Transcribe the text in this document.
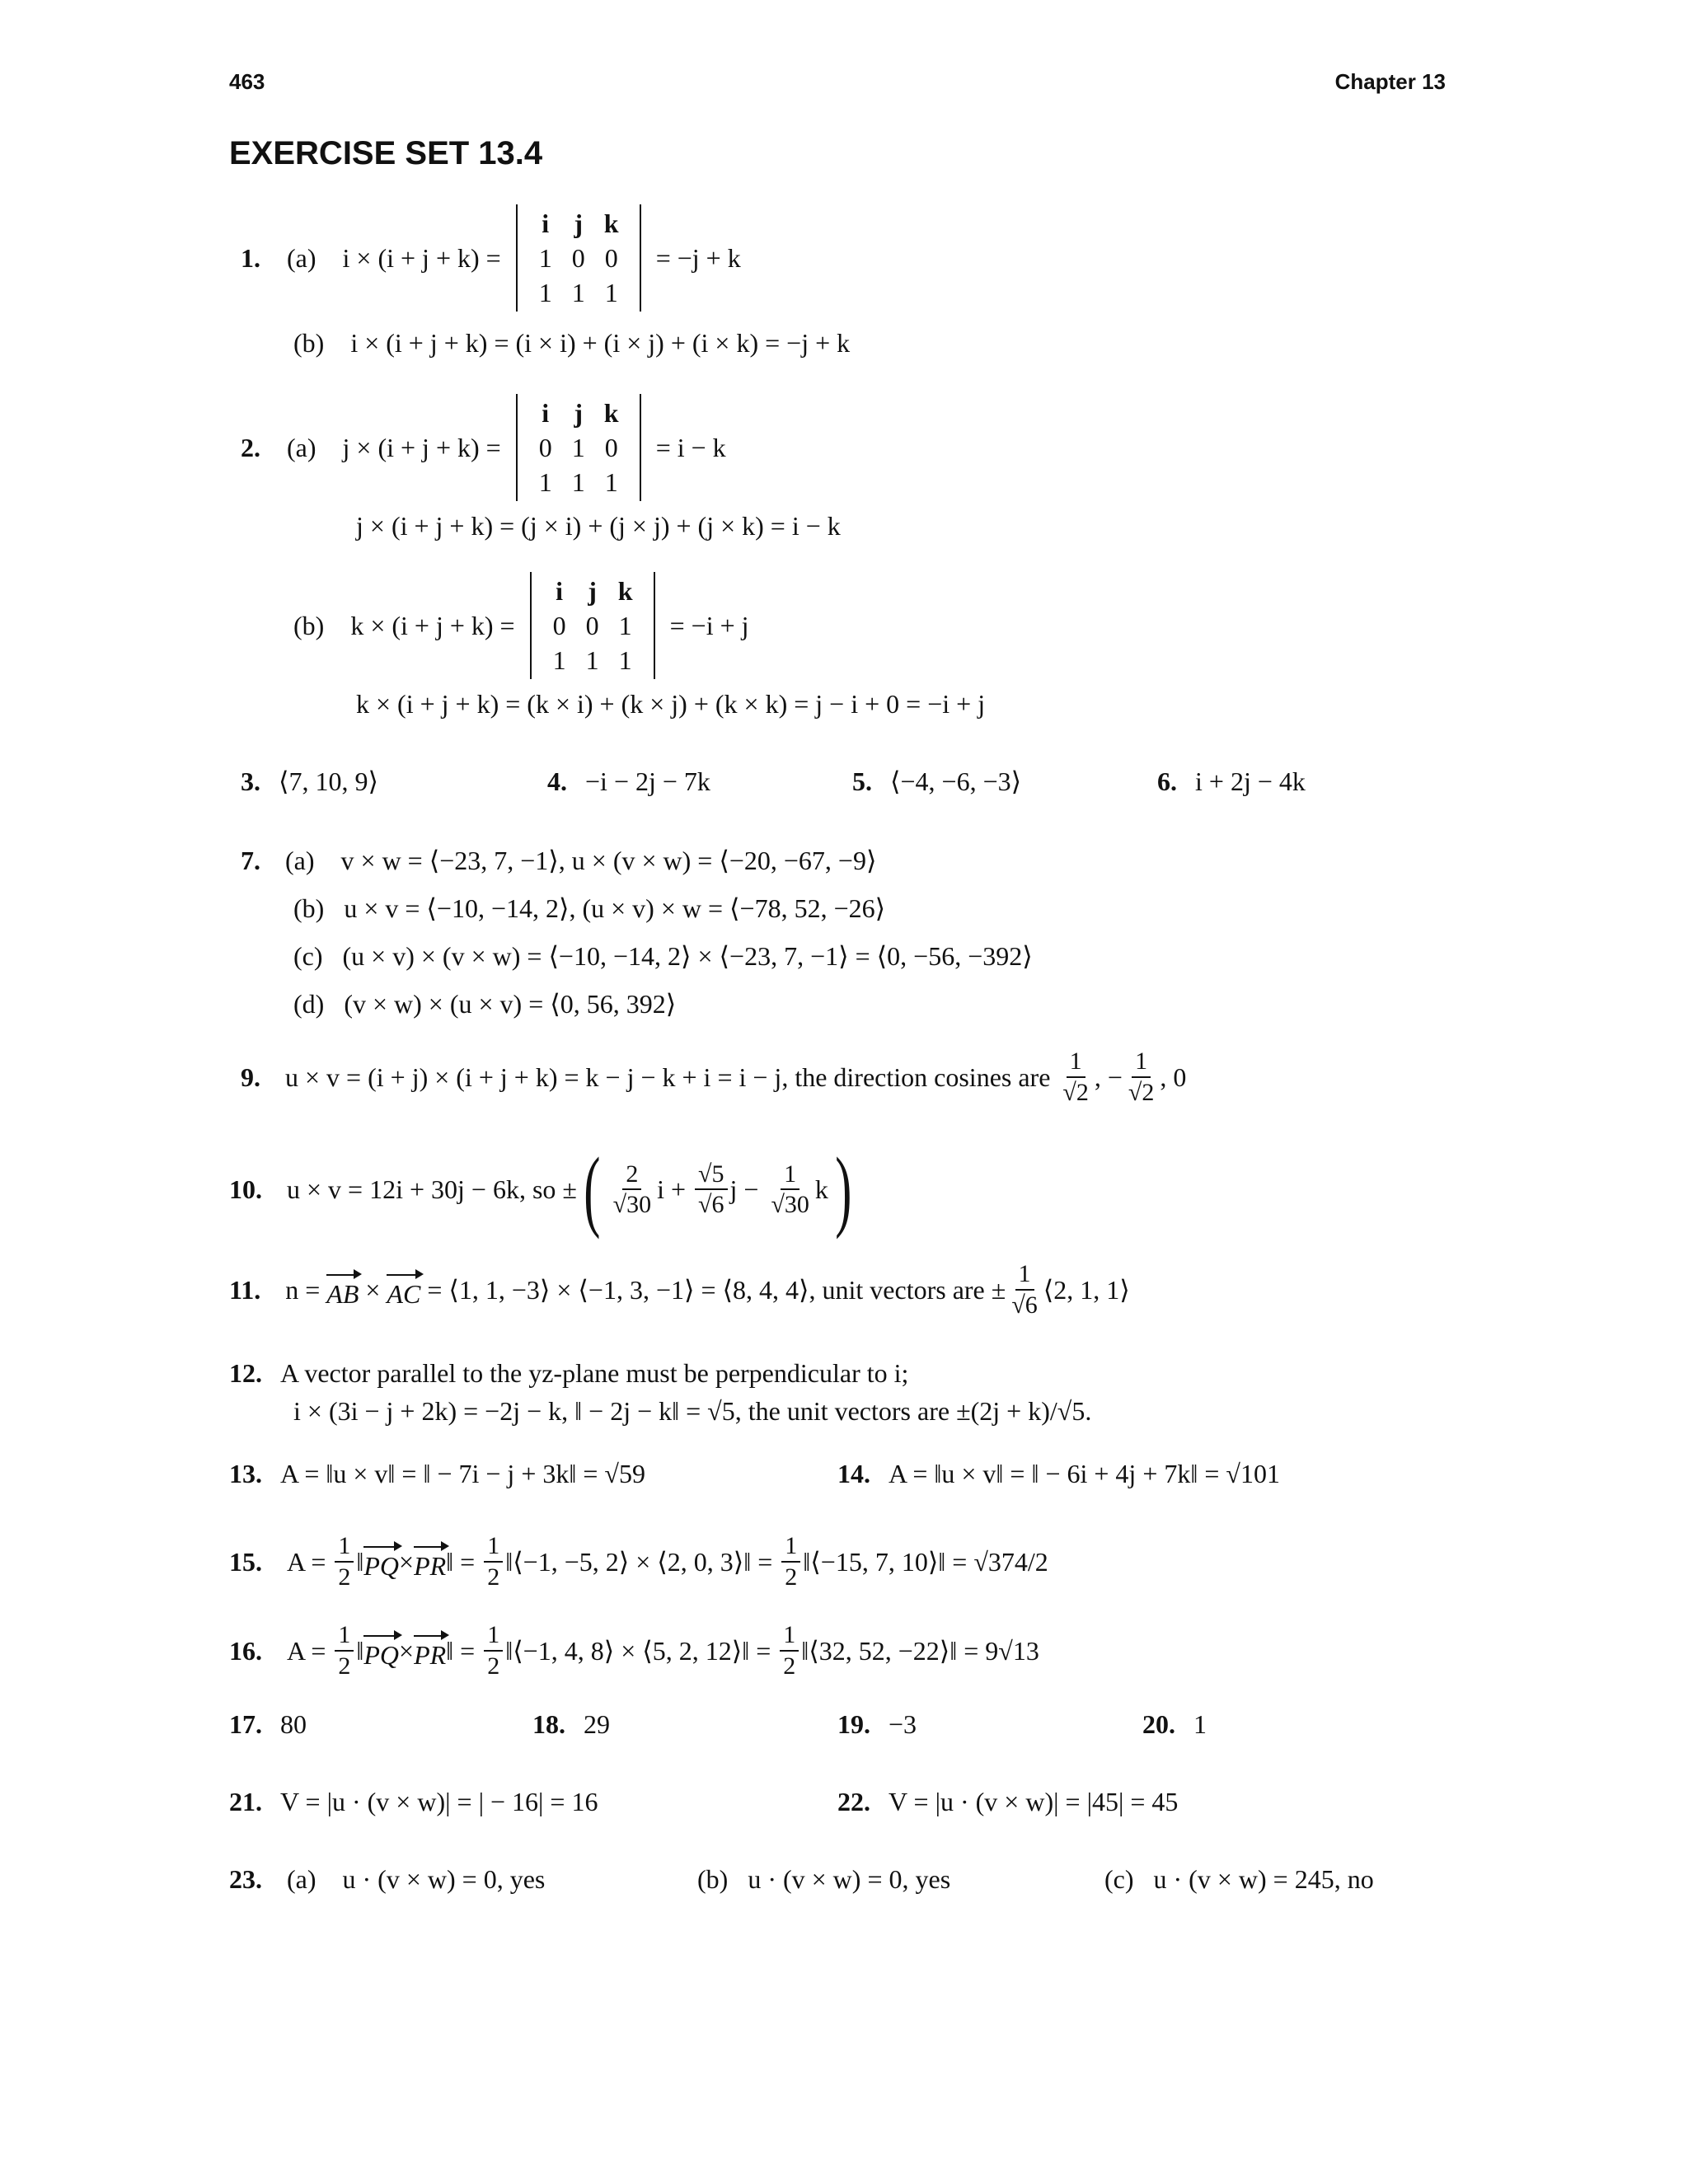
463	Chapter 13
EXERCISE SET 13.4
1. (a) i × (i + j + k) =
i	j	k
1	0	0
1	1	1
= −j + k
(b) i × (i + j + k) = (i × i) + (i × j) + (i × k) = −j + k
2. (a) j × (i + j + k) =
i	j	k
0	1	0
1	1	1
= i − k
j × (i + j + k) = (j × i) + (j × j) + (j × k) = i − k
(b) k × (i + j + k) =
i	j	k
0	0	1
1	1	1
= −i + j
k × (i + j + k) = (k × i) + (k × j) + (k × k) = j − i + 0 = −i + j
3. ⟨7, 10, 9⟩	4. −i − 2j − 7k	5. ⟨−4, −6, −3⟩	6. i + 2j − 4k
7. (a) v × w = ⟨−23, 7, −1⟩, u × (v × w) = ⟨−20, −67, −9⟩
(b) u × v = ⟨−10, −14, 2⟩, (u × v) × w = ⟨−78, 52, −26⟩
(c) (u × v) × (v × w) = ⟨−10, −14, 2⟩ × ⟨−23, 7, −1⟩ = ⟨0, −56, −392⟩
(d) (v × w) × (u × v) = ⟨0, 56, 392⟩
9. u × v = (i + j) × (i + j + k) = k − j − k + i = i − j, the direction cosines are $\frac{1}{√2}$ , − $\frac{1}{√2}$ , 0
10. u × v = 12i + 30j − 6k, so ± ( $\frac{2}{√30}$ $i + \frac{√5}{√6}$ $j - \frac{1}{√30}$ k )
11. n = AB × AC = ⟨1, 1, −3⟩ × ⟨−1, 3, −1⟩ = ⟨8, 4, 4⟩, unit vectors are ± $\frac{1}{√6}$ ⟨2, 1, 1⟩
12. A vector parallel to the yz-plane must be perpendicular to i;
i × (3i − j + 2k) = −2j − k, ‖ − 2j − k‖ = √5, the unit vectors are ±(2j + k)/√5.
13. A = ‖u × v‖ = ‖ − 7i − j + 3k‖ = √59	14. A = ‖u × v‖ = ‖ − 6i + 4j + 7k‖ = √101
15. $A = \frac{1}{2}$ ‖PQ×PR‖ = $\frac{1}{2}$ ‖⟨−1, −5, 2⟩ × ⟨2, 0, 3⟩‖ = $\frac{1}{2}$ ‖⟨−15, 7, 10⟩‖ = √374/2
16. $A = \frac{1}{2}$ ‖PQ×PR‖ = $\frac{1}{2}$ ‖⟨−1, 4, 8⟩ × ⟨5, 2, 12⟩‖ = $\frac{1}{2}$ ‖⟨32, 52, −22⟩‖ = 9√13
17. 80	18. 29	19. −3	20. 1
21. V = |u · (v × w)| = | − 16| = 16	22. V = |u · (v × w)| = |45| = 45
23. (a) u · (v × w) = 0, yes	(b) u · (v × w) = 0, yes	(c) u · (v × w) = 245, no
